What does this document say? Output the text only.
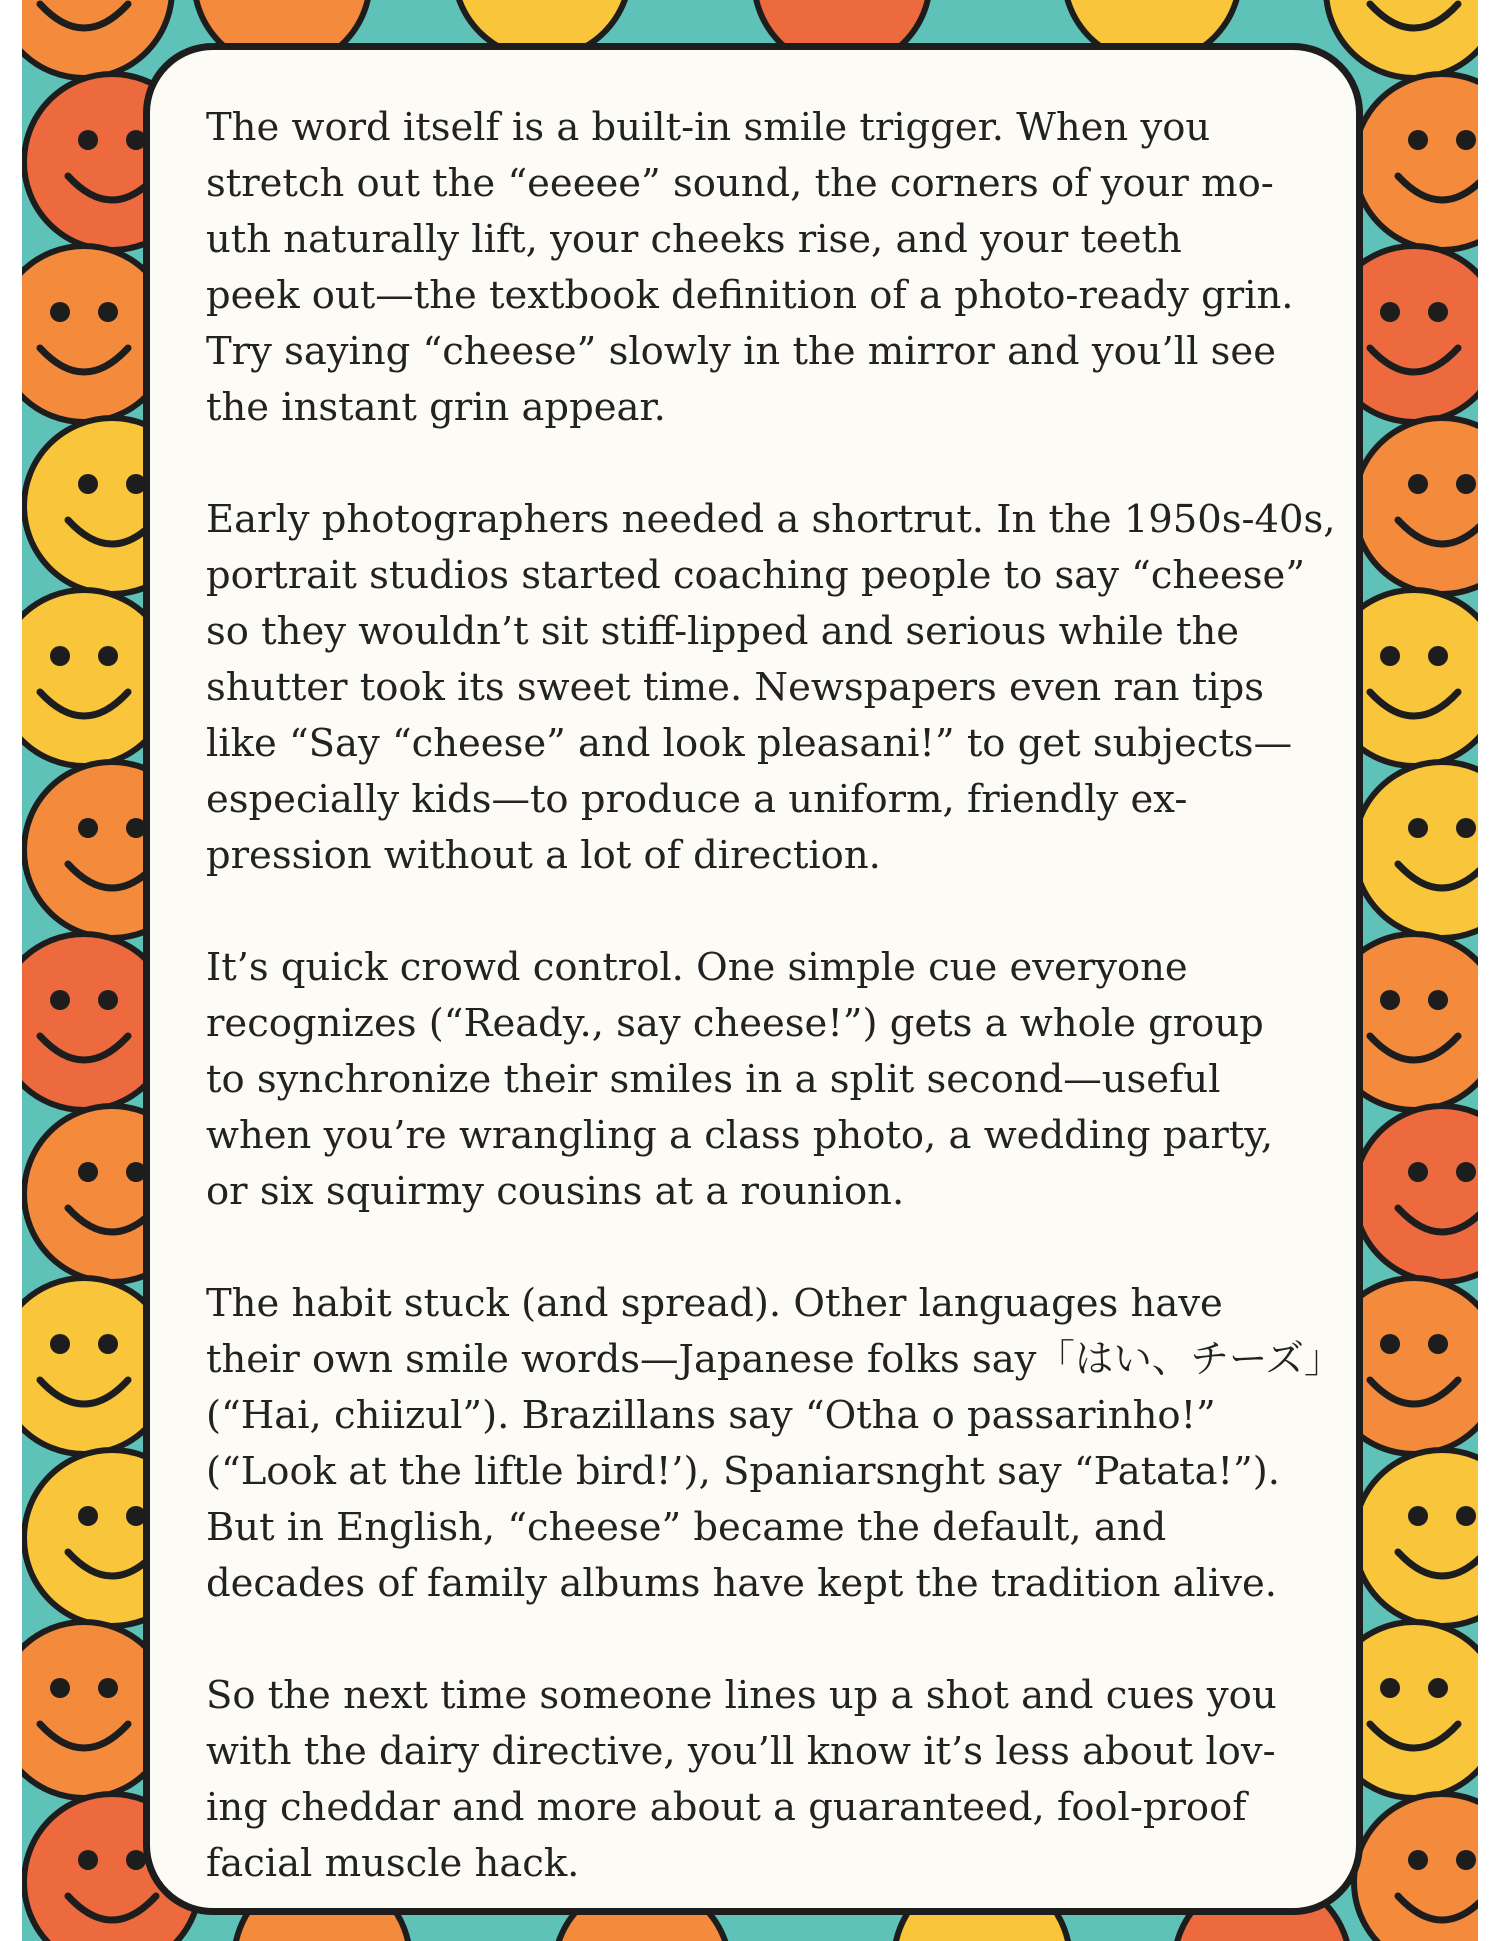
The word itself is a built-in smile trigger. When you
stretch out the “eeeee” sound, the corners of your mo-
uth naturally lift, your cheeks rise, and your teeth
peek out—the textbook definition of a photo-ready grin.
Try saying “cheese” slowly in the mirror and you’ll see
the instant grin appear.

Early photographers needed a shortrut. In the 1950s-40s,
portrait studios started coaching people to say “cheese”
so they wouldn’t sit stiff-lipped and serious while the
shutter took its sweet time. Newspapers even ran tips
like “Say “cheese” and look pleasani!” to get subjects—
especially kids—to produce a uniform, friendly ex-
pression without a lot of direction.

It’s quick crowd control. One simple cue everyone
recognizes (“Ready., say cheese!”) gets a whole group
to synchronize their smiles in a split second—useful
when you’re wrangling a class photo, a wedding party,
or six squirmy cousins at a rounion.

The habit stuck (and spread). Other languages have
their own smile words—Japanese folks say「はい、チーズ」
(“Hai, chiizul”). Brazillans say “Otha o passarinho!”
(“Look at the liftle bird!’), Spaniarsnght say “Patata!”).
But in English, “cheese” became the default, and
decades of family albums have kept the tradition alive.

So the next time someone lines up a shot and cues you
with the dairy directive, you’ll know it’s less about lov-
ing cheddar and more about a guaranteed, fool-proof
facial muscle hack.
